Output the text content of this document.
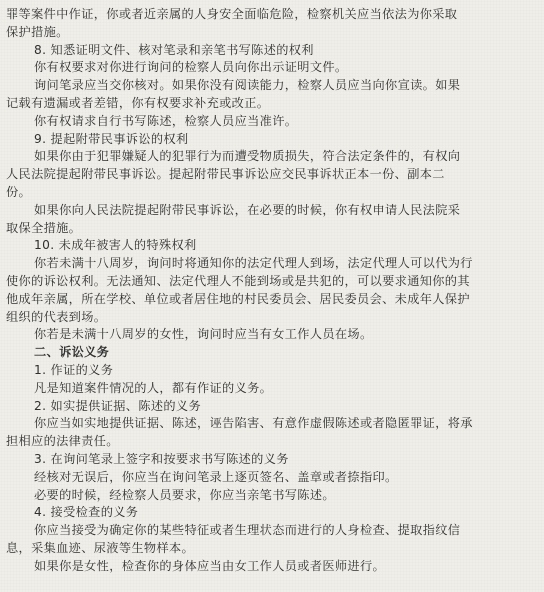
罪等案件中作证，你或者近亲属的人身安全面临危险，检察机关应当依法为你采取
保护措施。
8. 知悉证明文件、核对笔录和亲笔书写陈述的权利
你有权要求对你进行询问的检察人员向你出示证明文件。
询问笔录应当交你核对。如果你没有阅读能力，检察人员应当向你宣读。如果
记载有遗漏或者差错，你有权要求补充或改正。
你有权请求自行书写陈述，检察人员应当准许。
9. 提起附带民事诉讼的权利
如果你由于犯罪嫌疑人的犯罪行为而遭受物质损失，符合法定条件的，有权向
人民法院提起附带民事诉讼。提起附带民事诉讼应交民事诉状正本一份、副本二
份。
如果你向人民法院提起附带民事诉讼，在必要的时候，你有权申请人民法院采
取保全措施。
10. 未成年被害人的特殊权利
你若未满十八周岁，询问时将通知你的法定代理人到场，法定代理人可以代为行
使你的诉讼权利。无法通知、法定代理人不能到场或是共犯的，可以要求通知你的其
他成年亲属，所在学校、单位或者居住地的村民委员会、居民委员会、未成年人保护
组织的代表到场。
你若是未满十八周岁的女性，询问时应当有女工作人员在场。
二、诉讼义务
1. 作证的义务
凡是知道案件情况的人，都有作证的义务。
2. 如实提供证据、陈述的义务
你应当如实地提供证据、陈述，诬告陷害、有意作虚假陈述或者隐匿罪证，将承
担相应的法律责任。
3. 在询问笔录上签字和按要求书写陈述的义务
经核对无误后，你应当在询问笔录上逐页签名、盖章或者捺指印。
必要的时候，经检察人员要求，你应当亲笔书写陈述。
4. 接受检查的义务
你应当接受为确定你的某些特征或者生理状态而进行的人身检查、提取指纹信
息，采集血迹、尿液等生物样本。
如果你是女性，检查你的身体应当由女工作人员或者医师进行。
